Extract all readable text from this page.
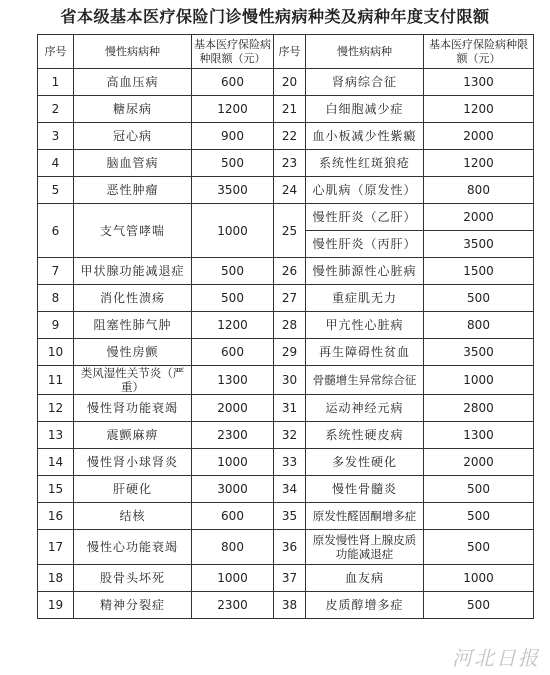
省本级基本医疗保险门诊慢性病病种类及病种年度支付限额
序号	慢性病病种	基本医疗保险病种限额（元）	序号	慢性病病种	基本医疗保险病种限额（元）
1	高血压病	600	20	肾病综合征	1300
2	糖尿病	1200	21	白细胞减少症	1200
3	冠心病	900	22	血小板减少性紫癜	2000
4	脑血管病	500	23	系统性红斑狼疮	1200
5	恶性肿瘤	3500	24	心肌病（原发性）	800
6	支气管哮喘	1000	25	慢性肝炎（乙肝）	2000
				慢性肝炎（丙肝）	3500
7	甲状腺功能减退症	500	26	慢性肺源性心脏病	1500
8	消化性溃疡	500	27	重症肌无力	500
9	阻塞性肺气肿	1200	28	甲亢性心脏病	800
10	慢性房颤	600	29	再生障碍性贫血	3500
11	类风湿性关节炎（严重）	1300	30	骨髓增生异常综合征	1000
12	慢性肾功能衰竭	2000	31	运动神经元病	2800
13	震颤麻痹	2300	32	系统性硬皮病	1300
14	慢性肾小球肾炎	1000	33	多发性硬化	2000
15	肝硬化	3000	34	慢性骨髓炎	500
16	结核	600	35	原发性醛固酮增多症	500
17	慢性心功能衰竭	800	36	原发慢性肾上腺皮质功能减退症	500
18	股骨头坏死	1000	37	血友病	1000
19	精神分裂症	2300	38	皮质醇增多症	500
河北日报
